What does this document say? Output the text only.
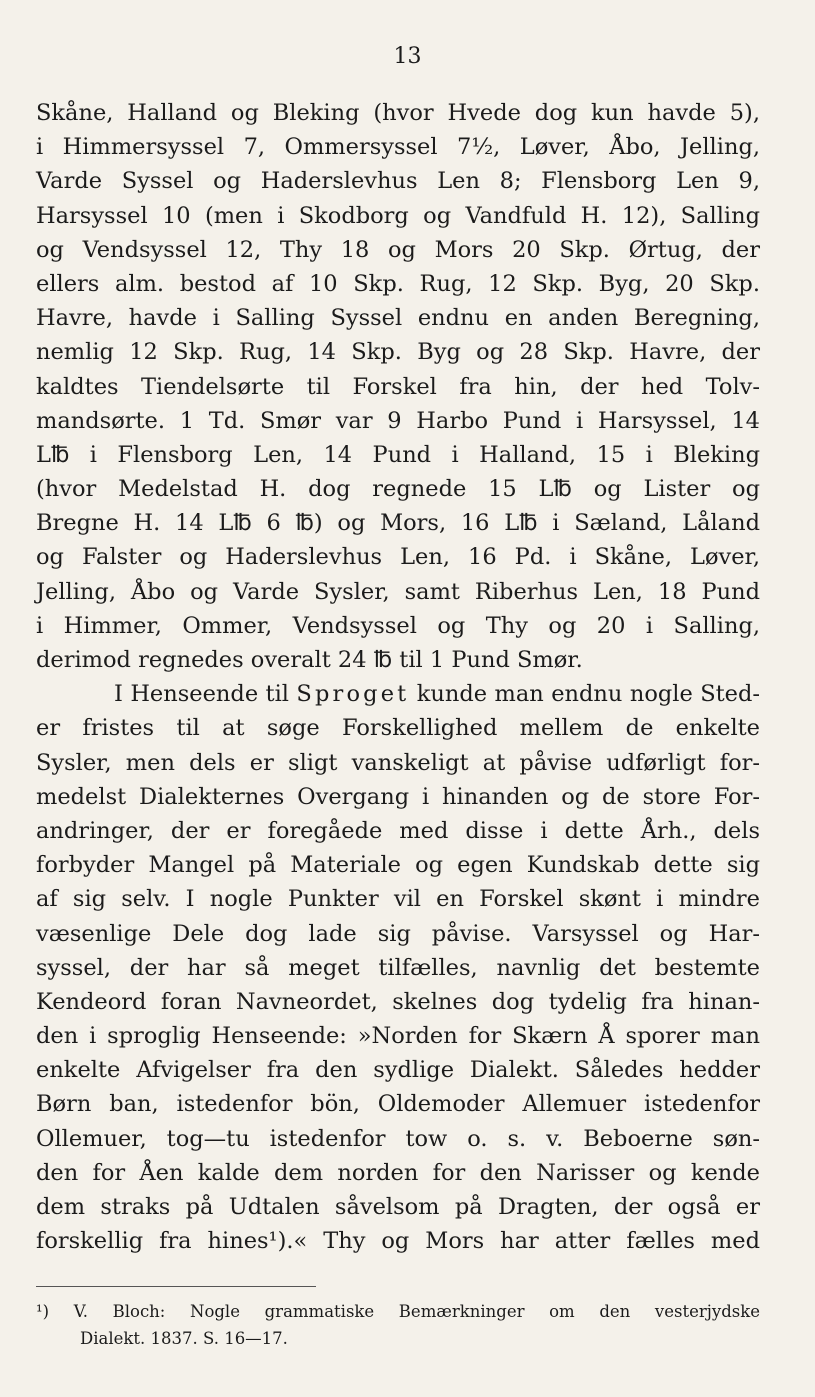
13
Skåne, Halland og Bleking (hvor Hvede dog kun havde 5),
i Himmersyssel 7, Ommersyssel 7½, Løver, Åbo, Jelling,
Varde Syssel og Haderslevhus Len 8; Flensborg Len 9,
Harsyssel 10 (men i Skodborg og Vandfuld H. 12), Salling
og Vendsyssel 12, Thy 18 og Mors 20 Skp. Ørtug, der
ellers alm. bestod af 10 Skp. Rug, 12 Skp. Byg, 20 Skp.
Havre, havde i Salling Syssel endnu en anden Beregning,
nemlig 12 Skp. Rug, 14 Skp. Byg og 28 Skp. Havre, der
kaldtes Tiendelsørte til Forskel fra hin, der hed Tolv-
mandsørte. 1 Td. Smør var 9 Harbo Pund i Harsyssel, 14
L℔ i Flensborg Len, 14 Pund i Halland, 15 i Bleking
(hvor Medelstad H. dog regnede 15 L℔ og Lister og
Bregne H. 14 L℔ 6 ℔) og Mors, 16 L℔ i Sæland, Låland
og Falster og Haderslevhus Len, 16 Pd. i Skåne, Løver,
Jelling, Åbo og Varde Sysler, samt Riberhus Len, 18 Pund
i Himmer, Ommer, Vendsyssel og Thy og 20 i Salling,
derimod regnedes overalt 24 ℔ til 1 Pund Smør.
I Henseende til Sproget kunde man endnu nogle Sted-
er fristes til at søge Forskellighed mellem de enkelte
Sysler, men dels er sligt vanskeligt at påvise udførligt for-
medelst Dialekternes Overgang i hinanden og de store For-
andringer, der er foregåede med disse i dette Årh., dels
forbyder Mangel på Materiale og egen Kundskab dette sig
af sig selv. I nogle Punkter vil en Forskel skønt i mindre
væsenlige Dele dog lade sig påvise. Varsyssel og Har-
syssel, der har så meget tilfælles, navnlig det bestemte
Kendeord foran Navneordet, skelnes dog tydelig fra hinan-
den i sproglig Henseende: »Norden for Skærn Å sporer man
enkelte Afvigelser fra den sydlige Dialekt. Således hedder
Børn ban, istedenfor bön, Oldemoder Allemuer istedenfor
Ollemuer, tog—tu istedenfor tow o. s. v. Beboerne søn-
den for Åen kalde dem norden for den Narisser og kende
dem straks på Udtalen såvelsom på Dragten, der også er
forskellig fra hines¹).« Thy og Mors har atter fælles med
¹) V. Bloch: Nogle grammatiske Bemærkninger om den vesterjydske
Dialekt. 1837. S. 16—17.
